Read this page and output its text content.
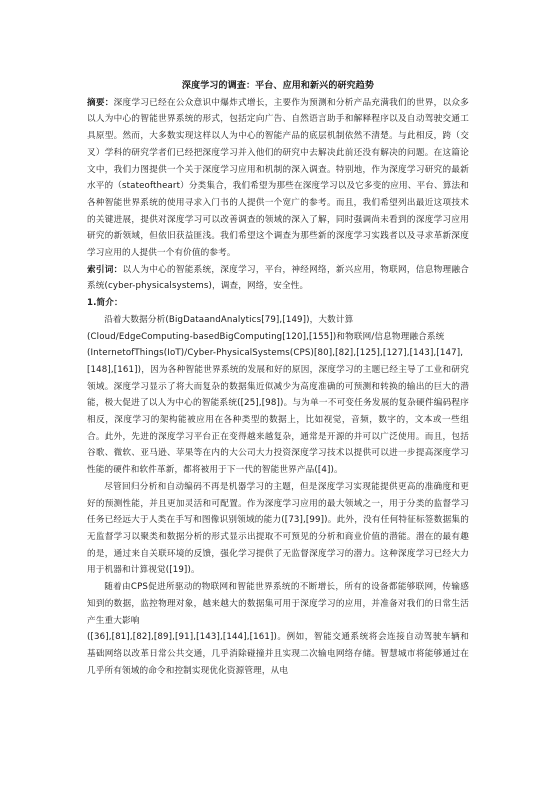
深度学习的调查：平台、应用和新兴的研究趋势

摘要：深度学习已经在公众意识中爆炸式增长，主要作为预测和分析产品充满我们的世界，以众多以人为中心的智能世界系统的形式，包括定向广告、自然语言助手和解释程序以及自动驾驶交通工具原型。然而，大多数实现这样以人为中心的智能产品的底层机制依然不清楚。与此相反，跨（交叉）学科的研究学者们已经把深度学习并入他们的研究中去解决此前还没有解决的问题。在这篇论文中，我们力图提供一个关于深度学习应用和机制的深入调查。特别地，作为深度学习研究的最新水平的（stateoftheart）分类集合，我们希望为那些在深度学习以及它多变的应用、平台、算法和各种智能世界系统的使用寻求入门书的人提供一个宽广的参考。而且，我们希望列出最近这项技术的关键进展，提供对深度学习可以改善调查的领域的深入了解，同时强调尚未看到的深度学习应用研究的新领域，但依旧获益匪浅。我们希望这个调查为那些新的深度学习实践者以及寻求革新深度学习应用的人提供一个有价值的参考。

索引词：以人为中心的智能系统，深度学习，平台，神经网络，新兴应用，物联网，信息物理融合系统(cyber-physicalsystems)，调查，网络，安全性。

1.简介：

沿着大数据分析(BigDataandAnalytics[79],[149])，大数计算

(Cloud/EdgeComputing-basedBigComputing[120],[155])和物联网/信息物理融合系统

(InternetofThings(IoT)/Cyber-PhysicalSystems(CPS)[80],[82],[125],[127],[143],[147],[148],[161])，因为各种智能世界系统的发展和好的原因，深度学习的主题已经主导了工业和研究领域。深度学习显示了将大而复杂的数据集近似减少为高度准确的可预测和转换的输出的巨大的潜能，极大促进了以人为中心的智能系统([25],[98])。与为单一不可变任务发展的复杂硬件编码程序相反，深度学习的架构能被应用在各种类型的数据上，比如视觉，音频，数字的，文本或一些组合。此外，先进的深度学习平台正在变得越来越复杂，通常是开源的并可以广泛使用。而且，包括谷歌、微软、亚马逊、苹果等在内的大公司大力投资深度学习技术以提供可以进一步提高深度学习性能的硬件和软件革新，都将被用于下一代的智能世界产品([4])。

尽管回归分析和自动编码不再是机器学习的主题，但是深度学习实现能提供更高的准确度和更好的预测性能，并且更加灵活和可配置。作为深度学习应用的最大领域之一，用于分类的监督学习任务已经远大于人类在手写和图像识别领域的能力([73],[99])。此外，没有任何特征标签数据集的无监督学习以聚类和数据分析的形式显示出提取不可预见的分析和商业价值的潜能。潜在的最有趣的是，通过来自关联环境的反馈，强化学习提供了无监督深度学习的潜力。这种深度学习已经大力用于机器和计算视觉([19])。

随着由CPS促进所驱动的物联网和智能世界系统的不断增长，所有的设备都能够联网，传输感知到的数据，监控物理对象，越来越大的数据集可用于深度学习的应用，并准备对我们的日常生活产生重大影响

([36],[81],[82],[89],[91],[143],[144],[161])。例如，智能交通系统将会连接自动驾驶车辆和基础网络以改革日常公共交通，几乎消除碰撞并且实现二次输电网络存储。智慧城市将能够通过在几乎所有领域的命令和控制实现优化资源管理，从电
